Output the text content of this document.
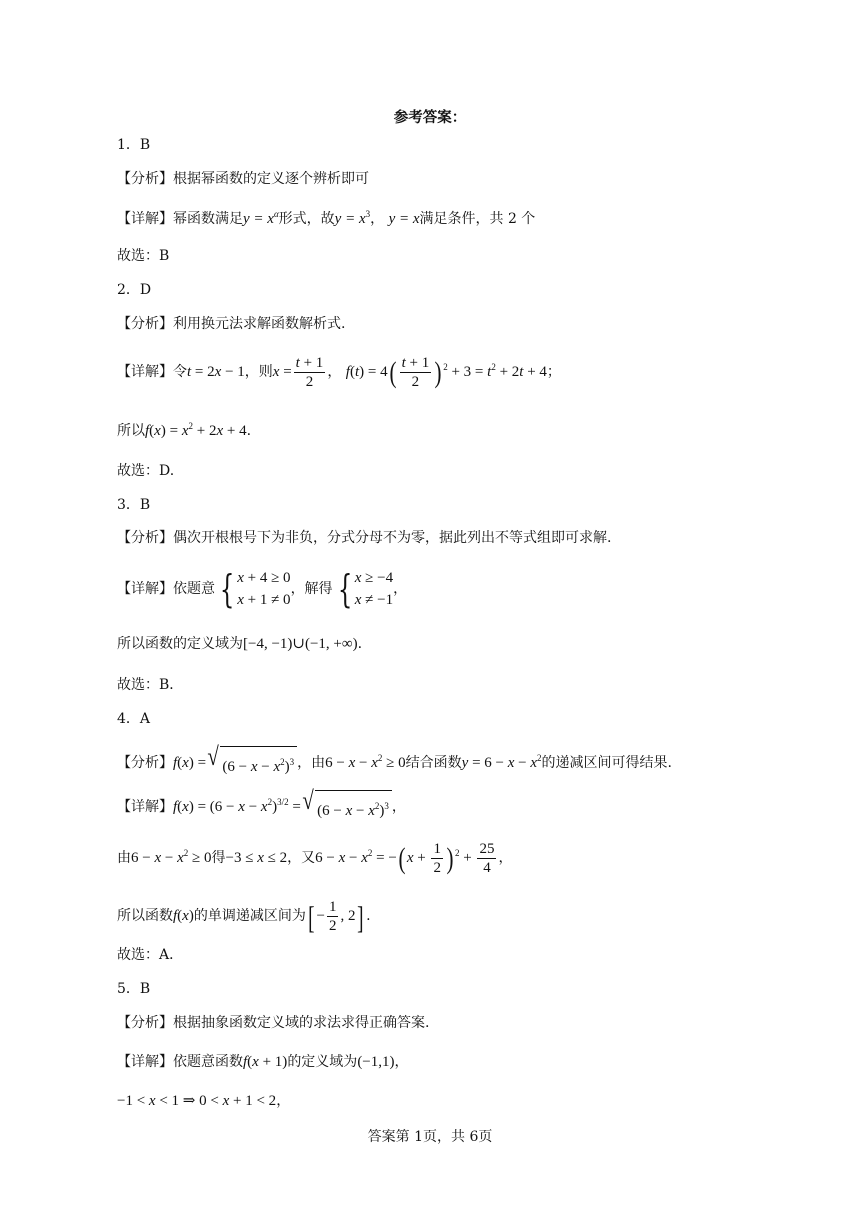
参考答案：
1．B
【分析】根据幂函数的定义逐个辨析即可
【详解】幂函数满足$y = x^\alpha$形式，故$y = x^3$， y = x满足条件，共 2 个
故选：B
2．D
【分析】利用换元法求解函数解析式.
【详解】令t = 2x − 1，则$x = \frac{t + 1}{2}$ ， $f(t) = 4( \frac{t + 1}{2}$ ) $^2 + 3 = t^2 + 2t + 4$；
所以$f(x) = x^2 + 2x + 4$.
故选：D.
3．B
【分析】偶次开根根号下为非负，分式分母不为零，据此列出不等式组即可求解.
【详解】依题意 { x + 4 ≥ 0
x + 1 ≠ 0
，解得 { x ≥ −4
x ≠ −1
，
所以函数的定义域为[−4, −1)∪(−1, +∞).
故选：B．
4．A
【分析】f(x) = √ $(6 - x - x^2)^3$ ，由$6 - x - x^2 \ge 0$结合函数$y = 6 - x - x^2$的递减区间可得结果.
【详解】$f(x) = (6 - x - x^2)^{3/2}$ = √ $(6 - x - x^2)^3$ ，
由$6 - x - x^2 \ge 0$得−3 ≤ x ≤ 2，又$6 - x - x^2$ = −( $x + \frac{1}{2}$ ) $^2 + \frac{25}{4}$ ，
所以函数f(x)的单调递减区间为[ − $\frac{1}{2}$ , 2] .
故选：A．
5．B
【分析】根据抽象函数定义域的求法求得正确答案.
【详解】依题意函数f(x + 1)的定义域为(−1,1)，
−1 < x < 1 ⇒ 0 < x + 1 < 2，
答案第 1页，共 6页
